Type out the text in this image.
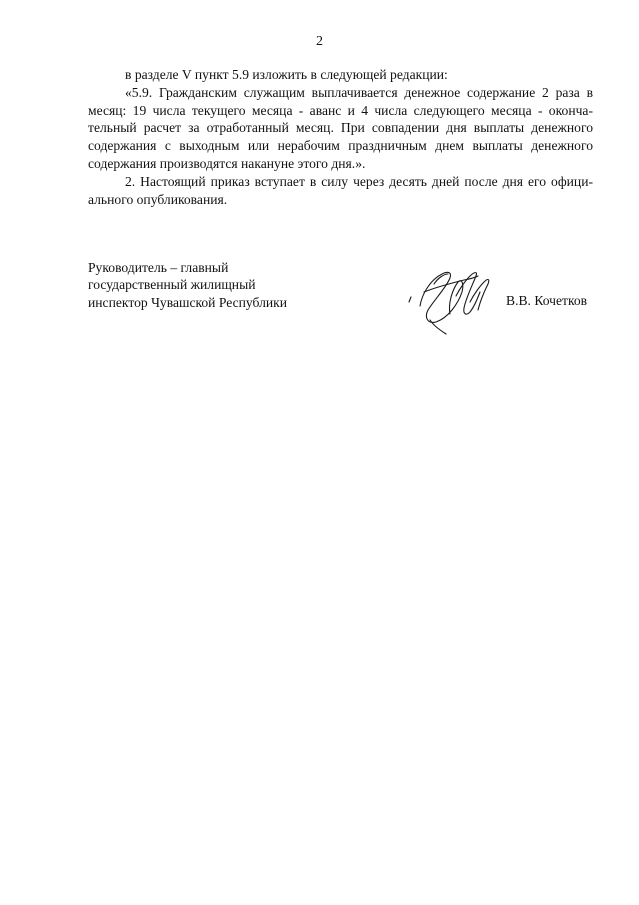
2
в разделе V пункт 5.9 изложить в следующей редакции:
«5.9. Гражданским служащим выплачивается денежное содержание 2 раза в
месяц: 19 числа текущего месяца - аванс и 4 числа следующего месяца - оконча-
тельный расчет за отработанный месяц. При совпадении дня выплаты денежного
содержания с выходным или нерабочим праздничным днем выплаты денежного
содержания производятся накануне этого дня.».
2. Настоящий приказ вступает в силу через десять дней после дня его офици-
ального опубликования.
Руководитель – главный
государственный жилищный
инспектор Чувашской Республики	В.В. Кочетков
